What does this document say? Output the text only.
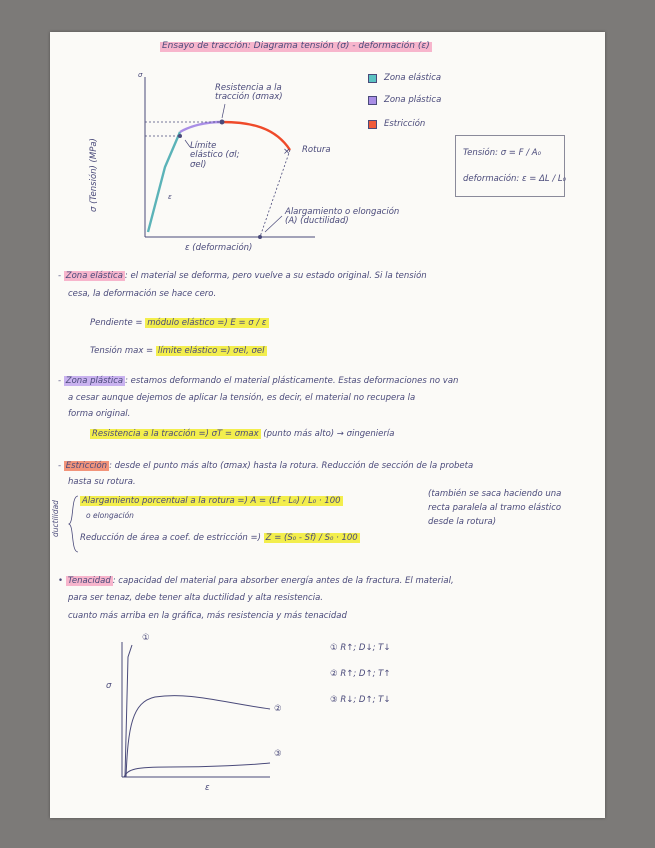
Ensayo de tracción: Diagrama tensión (σ) - deformación (ε)
×
σ
σ (Tensión) (MPa)
ε (deformación)
Resistencia a la tracción (σmax)
Rotura
Límite elástico (σl; σel)
ε
Alargamiento o elongación (A) (ductilidad)
Zona elástica
Zona plástica
Estricción
Tensión: σ = F / A₀
deformación: ε = ΔL / L₀
- Zona elástica : el material se deforma, pero vuelve a su estado original. Si la tensión
cesa, la deformación se hace cero.
Pendiente = módulo elástico =) E = σ / ε
Tensión max = límite elástico =) σel, σel
- Zona plástica : estamos deformando el material plásticamente. Estas deformaciones no van
a cesar aunque dejemos de aplicar la tensión, es decir, el material no recupera la
forma original.
Resistencia a la tracción =) σT = σmax (punto más alto) → σingeniería
- Estricción : desde el punto más alto (σmax) hasta la rotura. Reducción de sección de la probeta
hasta su rotura.
ductilidad	Alargamiento porcentual a la rotura =) A = (Lf - L₀) / L₀ · 100
o elongación
(también se saca haciendo una
recta paralela al tramo elástico
desde la rotura)
Reducción de área a coef. de estricción =) Z = (S₀ - Sf) / S₀ · 100
• Tenacidad : capacidad del material para absorber energía antes de la fractura. El material,
para ser tenaz, debe tener alta ductilidad y alta resistencia.
cuanto más arriba en la gráfica, más resistencia y más tenacidad
σ
ε
①
②
③
① R↑; D↓; T↓
② R↑; D↑; T↑
③ R↓; D↑; T↓
